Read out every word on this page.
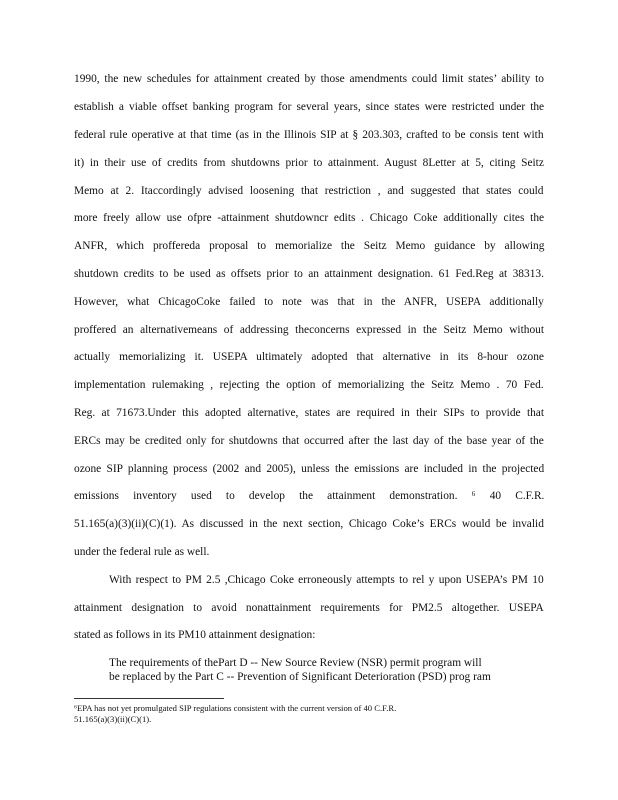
1990, the new schedules for attainment created by those amendments could limit states’ ability to
establish a viable offset banking program for several years, since states were restricted under the
federal rule operative at that time (as in the Illinois SIP at § 203.303, crafted to be consis tent with
it) in their use of credits from shutdowns prior to attainment. August 8Letter at 5, citing Seitz
Memo at 2. Itaccordingly advised loosening that restriction , and suggested that states could
more freely allow use ofpre -attainment shutdowncr edits . Chicago Coke additionally cites the
ANFR, which proffereda proposal to memorialize the Seitz Memo guidance by allowing
shutdown credits to be used as offsets prior to an attainment designation. 61 Fed.Reg at 38313.
However, what ChicagoCoke failed to note was that in the ANFR, USEPA additionally
proffered an alternativemeans of addressing theconcerns expressed in the Seitz Memo without
actually memorializing it. USEPA ultimately adopted that alternative in its 8-hour ozone
implementation rulemaking , rejecting the option of memorializing the Seitz Memo . 70 Fed.
Reg. at 71673.Under this adopted alternative, states are required in their SIPs to provide that
ERCs may be credited only for shutdowns that occurred after the last day of the base year of the
ozone SIP planning process (2002 and 2005), unless the emissions are included in the projected
emissions inventory used to develop the attainment demonstration. ⁶ 40 C.F.R.
51.165(a)(3)(ii)(C)(1). As discussed in the next section, Chicago Coke’s ERCs would be invalid
under the federal rule as well.
With respect to PM 2.5 ,Chicago Coke erroneously attempts to rel y upon USEPA’s PM 10
attainment designation to avoid nonattainment requirements for PM2.5 altogether. USEPA
stated as follows in its PM10 attainment designation:
The requirements of thePart D -- New Source Review (NSR) permit program will
be replaced by the Part C -- Prevention of Significant Deterioration (PSD) prog ram
⁶EPA has not yet promulgated SIP regulations consistent with the current version of 40 C.F.R.
51.165(a)(3)(ii)(C)(1).
